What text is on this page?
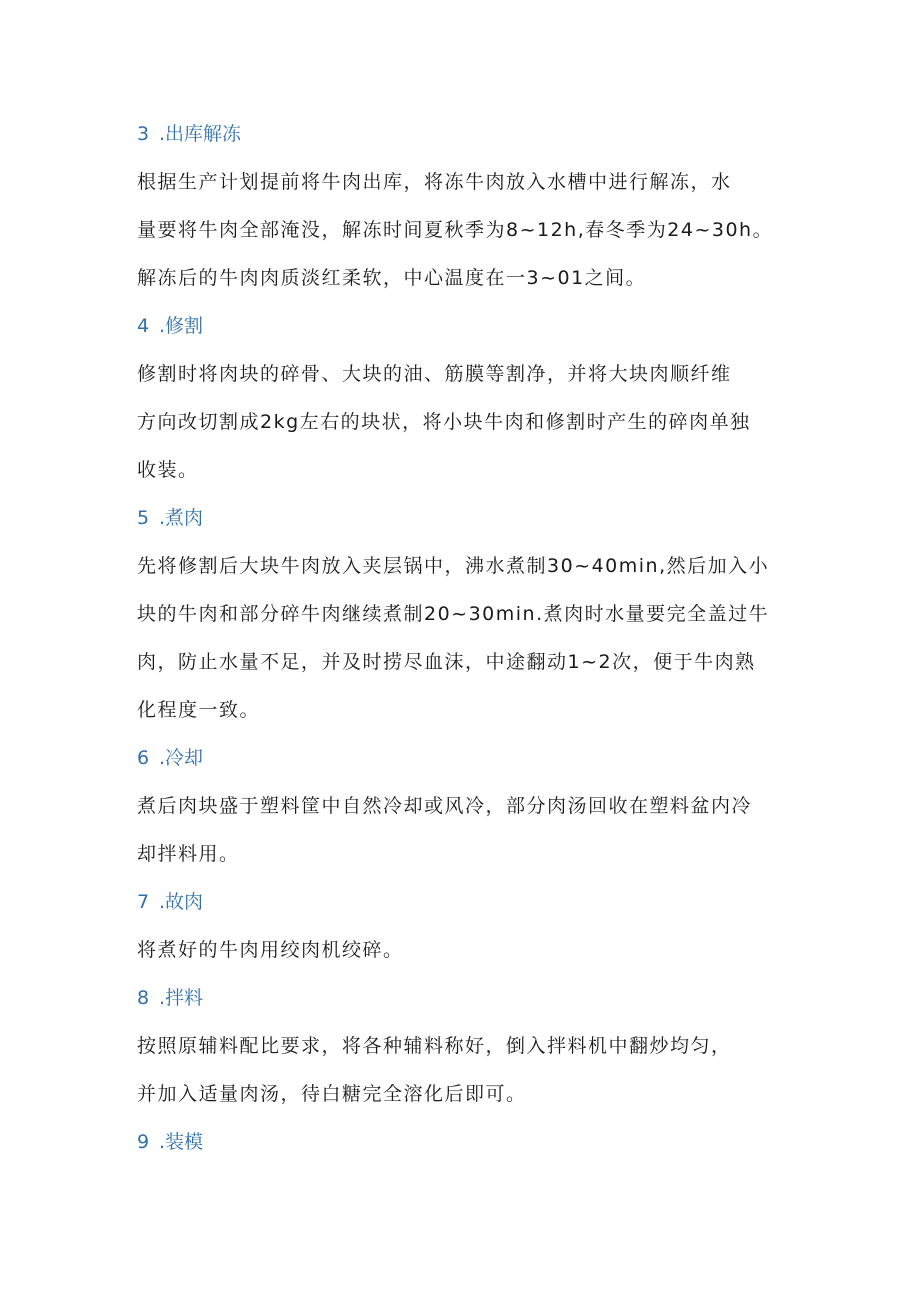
3 .出库解冻
根据生产计划提前将牛肉出库，将冻牛肉放入水槽中进行解冻，水
量要将牛肉全部淹没，解冻时间夏秋季为8~12h,春冬季为24~30h。
解冻后的牛肉肉质淡红柔软，中心温度在一3~01之间。
4 .修割
修割时将肉块的碎骨、大块的油、筋膜等割净，并将大块肉顺纤维
方向改切割成2kg左右的块状，将小块牛肉和修割时产生的碎肉单独
收装。
5 .煮肉
先将修割后大块牛肉放入夹层锅中，沸水煮制30~40min,然后加入小
块的牛肉和部分碎牛肉继续煮制20~30min.煮肉时水量要完全盖过牛
肉，防止水量不足，并及时捞尽血沫，中途翻动1~2次，便于牛肉熟
化程度一致。
6 .冷却
煮后肉块盛于塑料筐中自然冷却或风冷，部分肉汤回收在塑料盆内冷
却拌料用。
7 .故肉
将煮好的牛肉用绞肉机绞碎。
8 .拌料
按照原辅料配比要求，将各种辅料称好，倒入拌料机中翻炒均匀，
并加入适量肉汤，待白糖完全溶化后即可。
9 .装模
